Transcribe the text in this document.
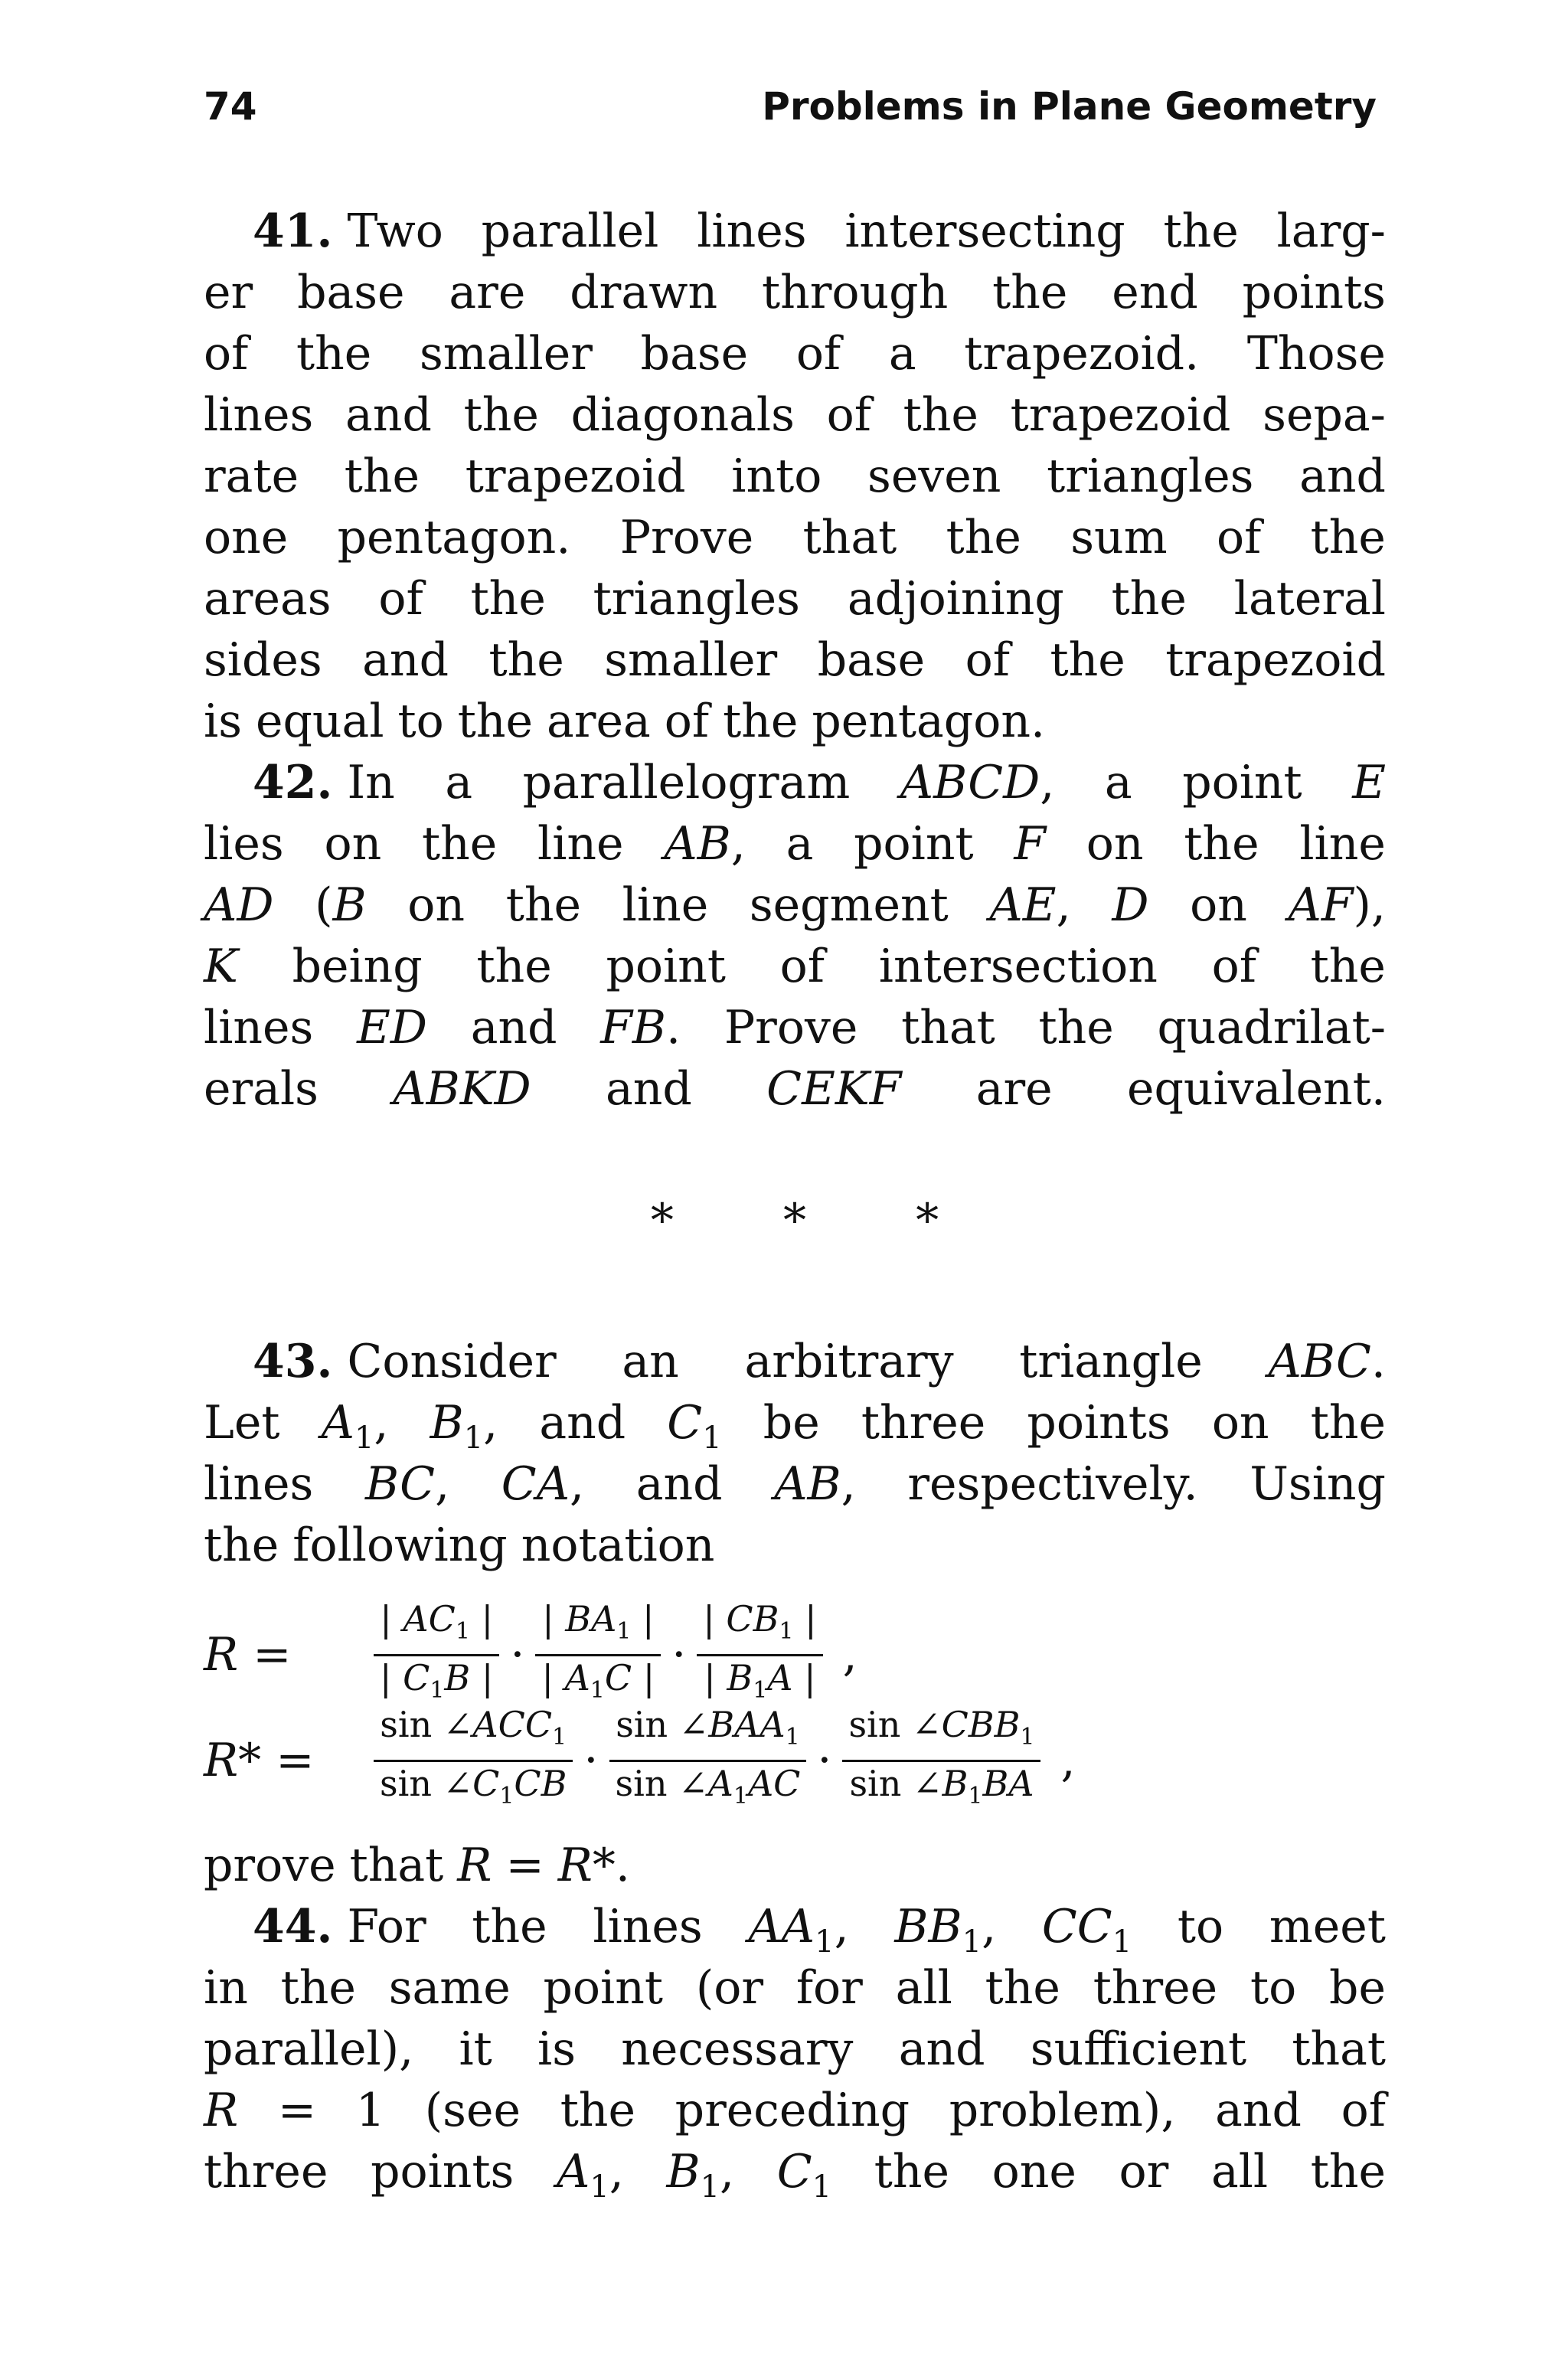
74	Problems in Plane Geometry
41. Two parallel lines intersecting the larg-
er base are drawn through the end points
of the smaller base of a trapezoid. Those
lines and the diagonals of the trapezoid sepa-
rate the trapezoid into seven triangles and
one pentagon. Prove that the sum of the
areas of the triangles adjoining the lateral
sides and the smaller base of the trapezoid
is equal to the area of the pentagon.
42. In a parallelogram ABCD, a point E
lies on the line AB, a point F on the line
AD (B on the line segment AE, D on AF),
K being the point of intersection of the
lines ED and FB. Prove that the quadrilat-
erals ABKD and CEKF are equivalent.
* * *
43. Consider an arbitrary triangle ABC.
Let $A_1$, $B_1$, and $C_1$ be three points on the
lines BC, CA, and AB, respectively. Using
the following notation
R =	$\frac{| AC_1 |}{| C_1B |} \cdot \frac{| BA_1 |}{| A_1C |} \cdot \frac{| CB_1 |}{| B_1A |}$ ,
R* =	$\frac{\sin \angle ACC_1}{\sin \angle C_1CB} \cdot \frac{\sin \angle BAA_1}{\sin \angle A_1AC} \cdot \frac{\sin \angle CBB_1}{\sin \angle B_1BA}$ ,
prove that R = R*.
44. For the lines $AA_1$, $BB_1$, $CC_1$ to meet
in the same point (or for all the three to be
parallel), it is necessary and sufficient that
R = 1 (see the preceding problem), and of
three points $A_1$, $B_1$, $C_1$ the one or all the
